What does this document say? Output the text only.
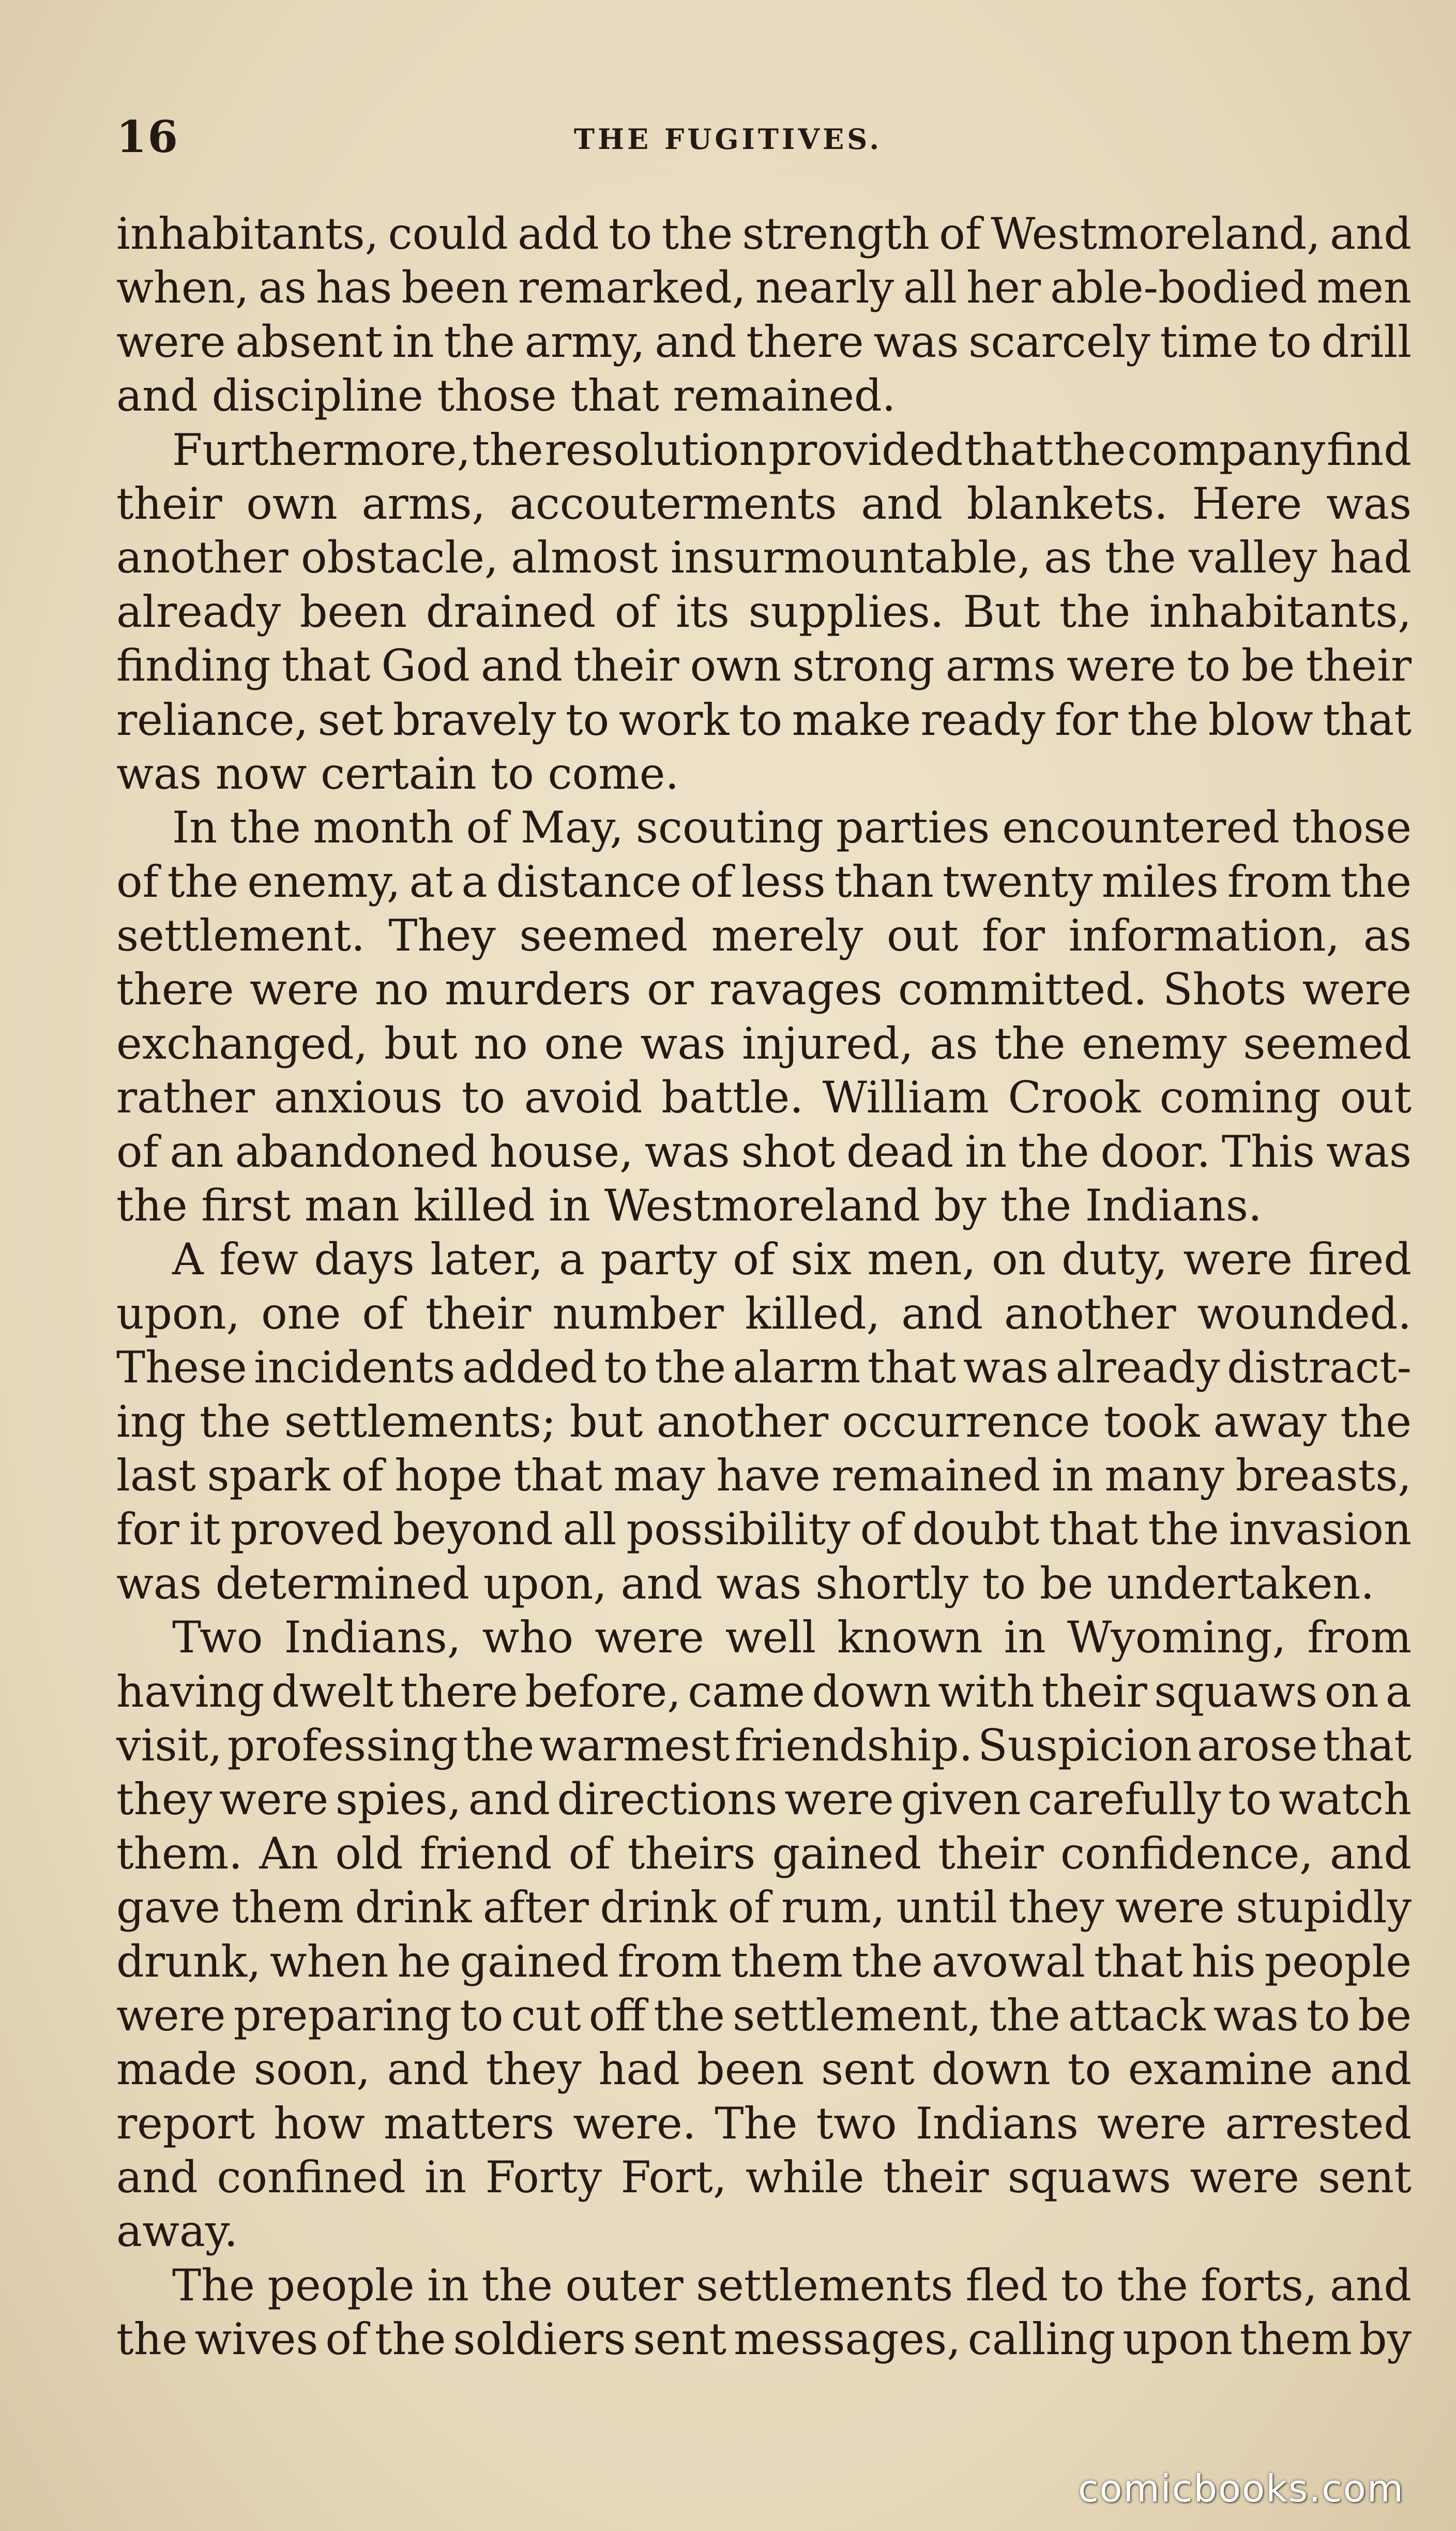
16	THE FUGITIVES.
inhabitants, could add to the strength of Westmoreland, and
when, as has been remarked, nearly all her able-bodied men
were absent in the army, and there was scarcely time to drill
and discipline those that remained.
Furthermore, the resolution provided that the company find
their own arms, accouterments and blankets. Here was
another obstacle, almost insurmountable, as the valley had
already been drained of its supplies. But the inhabitants,
finding that God and their own strong arms were to be their
reliance, set bravely to work to make ready for the blow that
was now certain to come.
In the month of May, scouting parties encountered those
of the enemy, at a distance of less than twenty miles from the
settlement. They seemed merely out for information, as
there were no murders or ravages committed. Shots were
exchanged, but no one was injured, as the enemy seemed
rather anxious to avoid battle. William Crook coming out
of an abandoned house, was shot dead in the door. This was
the first man killed in Westmoreland by the Indians.
A few days later, a party of six men, on duty, were fired
upon, one of their number killed, and another wounded.
These incidents added to the alarm that was already distract-
ing the settlements; but another occurrence took away the
last spark of hope that may have remained in many breasts,
for it proved beyond all possibility of doubt that the invasion
was determined upon, and was shortly to be undertaken.
Two Indians, who were well known in Wyoming, from
having dwelt there before, came down with their squaws on a
visit, professing the warmest friendship. Suspicion arose that
they were spies, and directions were given carefully to watch
them. An old friend of theirs gained their confidence, and
gave them drink after drink of rum, until they were stupidly
drunk, when he gained from them the avowal that his people
were preparing to cut off the settlement, the attack was to be
made soon, and they had been sent down to examine and
report how matters were. The two Indians were arrested
and confined in Forty Fort, while their squaws were sent
away.
The people in the outer settlements fled to the forts, and
the wives of the soldiers sent messages, calling upon them by
comicbooks.com
